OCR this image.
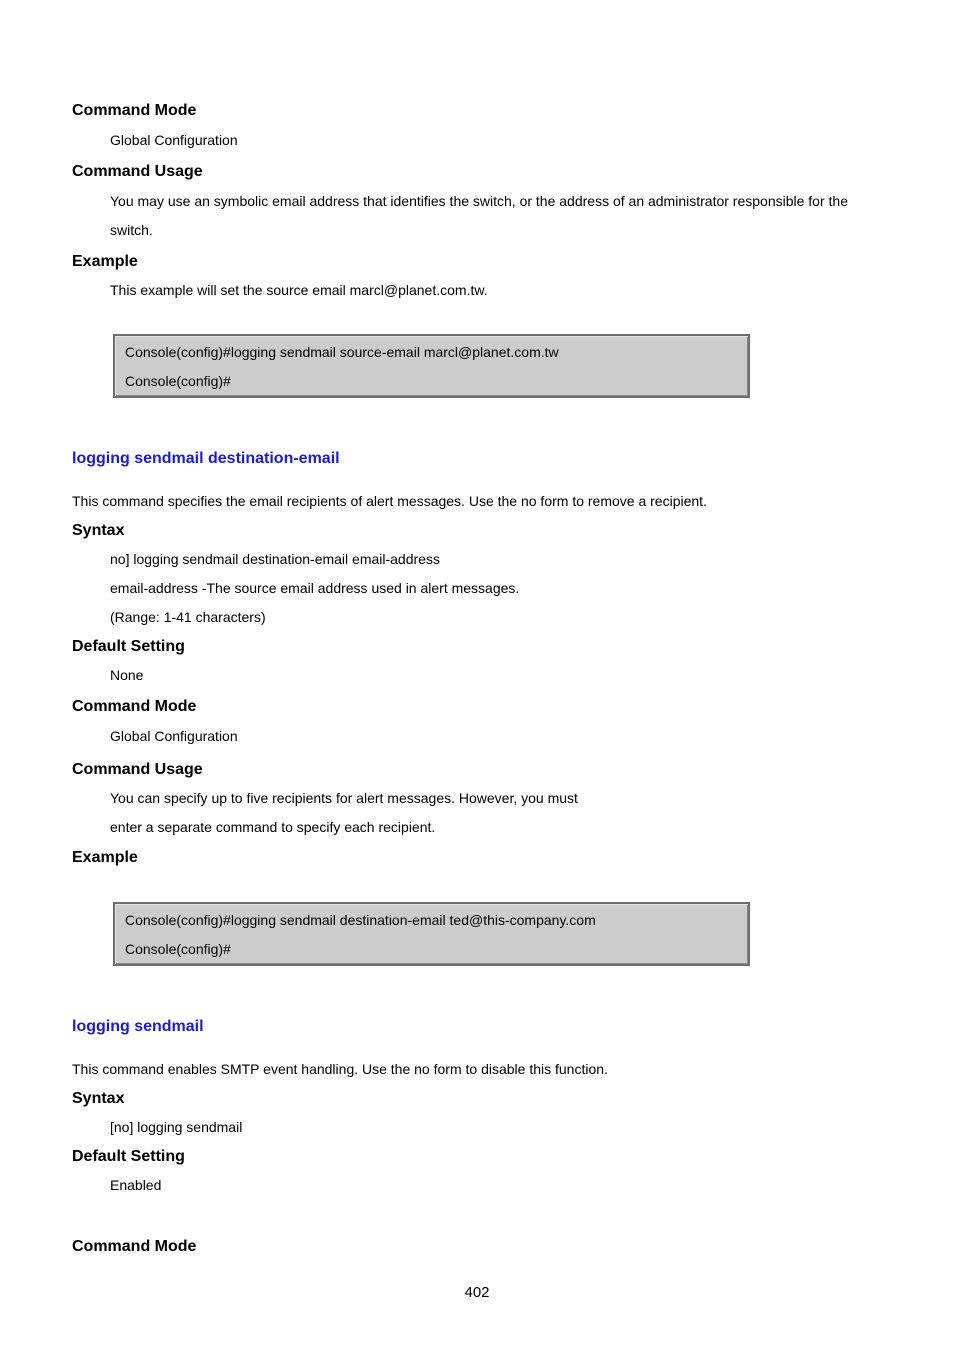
Command Mode
Global Configuration
Command Usage
You may use an symbolic email address that identifies the switch, or the address of an administrator responsible for the
switch.
Example
This example will set the source email marcl@planet.com.tw.
Console(config)#logging sendmail source-email marcl@planet.com.tw
Console(config)#
logging sendmail destination-email
This command specifies the email recipients of alert messages. Use the no form to remove a recipient.
Syntax
no] logging sendmail destination-email email-address
email-address -The source email address used in alert messages.
(Range: 1-41 characters)
Default Setting
None
Command Mode
Global Configuration
Command Usage
You can specify up to five recipients for alert messages. However, you must
enter a separate command to specify each recipient.
Example
Console(config)#logging sendmail destination-email ted@this-company.com
Console(config)#
logging sendmail
This command enables SMTP event handling. Use the no form to disable this function.
Syntax
[no] logging sendmail
Default Setting
Enabled
Command Mode
402
